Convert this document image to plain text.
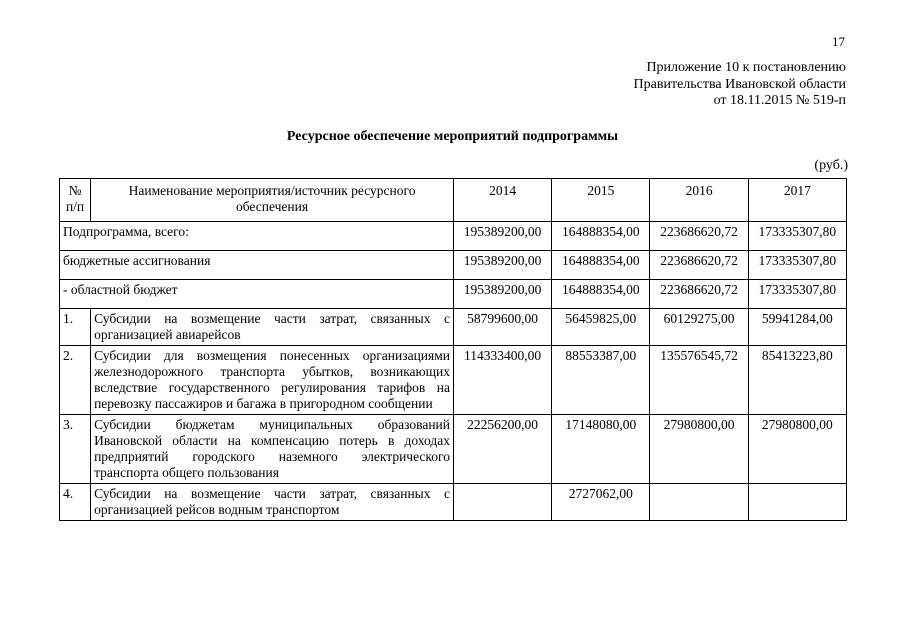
17
Приложение 10 к постановлению
Правительства Ивановской области
от 18.11.2015 № 519-п
Ресурсное обеспечение мероприятий подпрограммы
(руб.)
№ п/п	Наименование мероприятия/источник ресурсного обеспечения	2014	2015	2016	2017
Подпрограмма, всего:		195389200,00	164888354,00	223686620,72	173335307,80
бюджетные ассигнования		195389200,00	164888354,00	223686620,72	173335307,80
- областной бюджет		195389200,00	164888354,00	223686620,72	173335307,80
1.	Субсидии на возмещение части затрат, связанных с организацией авиарейсов	58799600,00	56459825,00	60129275,00	59941284,00
2.	Субсидии для возмещения понесенных организациями железнодорожного транспорта убытков, возникающих вследствие государственного регулирования тарифов на перевозку пассажиров и багажа в пригородном сообщении	114333400,00	88553387,00	135576545,72	85413223,80
3.	Субсидии бюджетам муниципальных образований Ивановской области на компенсацию потерь в доходах предприятий городского наземного электрического транспорта общего пользования	22256200,00	17148080,00	27980800,00	27980800,00
4.	Субсидии на возмещение части затрат, связанных с организацией рейсов водным транспортом		2727062,00		
